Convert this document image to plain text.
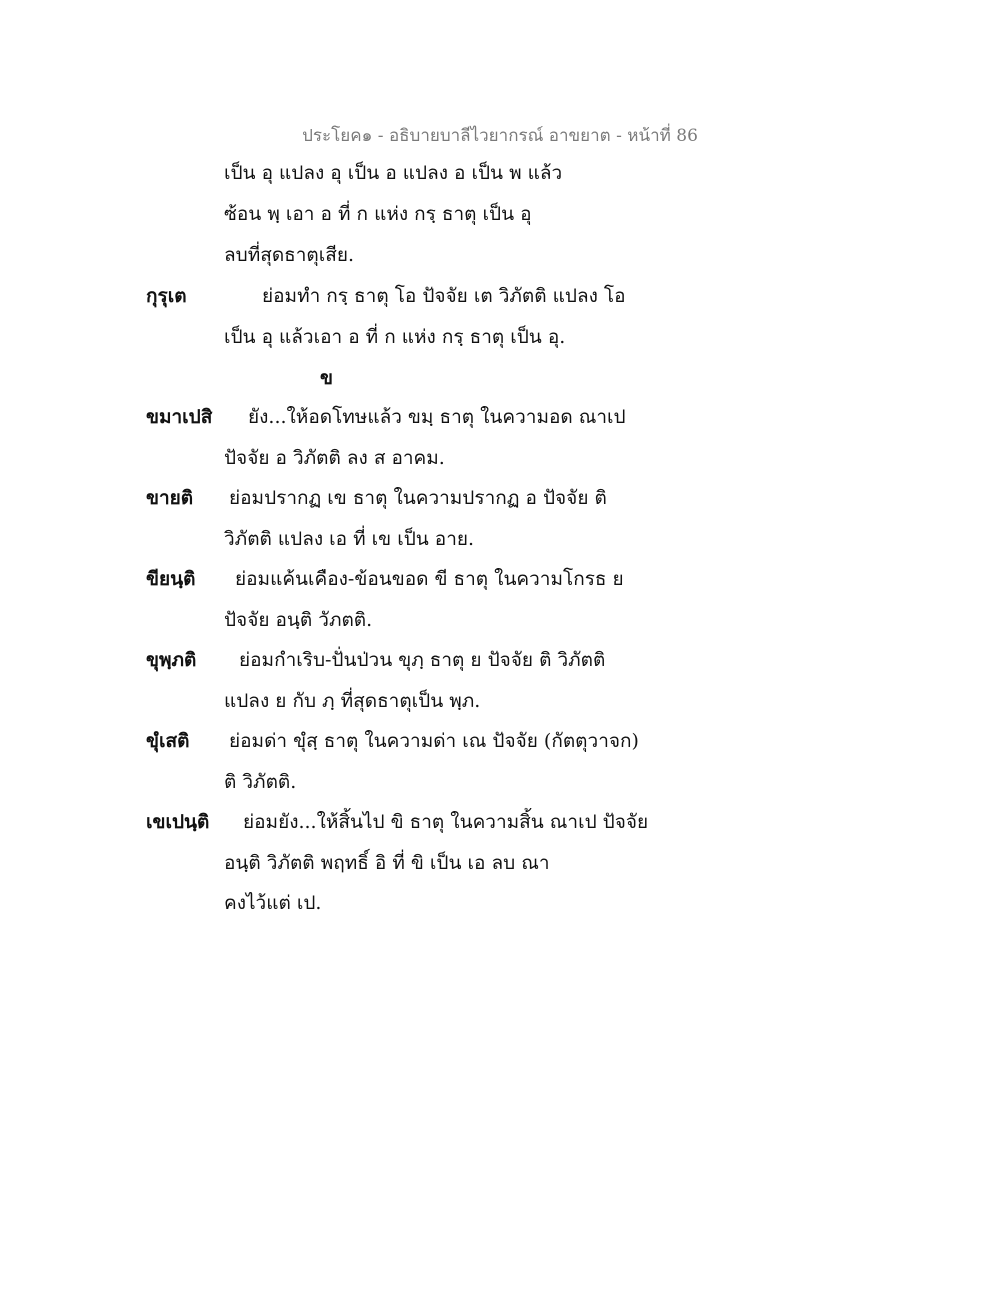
ประโยค๑ - อธิบายบาลีไวยากรณ์ อาขยาต - หน้าที่ 86
เป็น อุ แปลง อุ เป็น อ แปลง อ เป็น พ แล้ว
ซ้อน พฺ เอา อ ที่ ก แห่ง กรฺ ธาตุ เป็น อุ
ลบที่สุดธาตุเสีย.
กุรุเต	ย่อมทำ กรฺ ธาตุ โอ ปัจจัย เต วิภัตติ แปลง โอ
เป็น อุ แล้วเอา อ ที่ ก แห่ง กรฺ ธาตุ เป็น อุ.
ข
ขมาเปสิ ยัง...ให้อดโทษแล้ว ขมฺ ธาตุ ในความอด ณาเป
ปัจจัย อ วิภัตติ ลง ส อาคม.
ขายติ ย่อมปรากฏ เข ธาตุ ในความปรากฏ อ ปัจจัย ติ
วิภัตติ แปลง เอ ที่ เข เป็น อาย.
ขียนฺติ ย่อมแค้นเคือง-ข้อนขอด ขี ธาตุ ในความโกรธ ย
ปัจจัย อนฺติ วัภตติ.
ขุพฺภติ ย่อมกำเริบ-ปั่นป่วน ขุภฺ ธาตุ ย ปัจจัย ติ วิภัตติ
แปลง ย กับ ภฺ ที่สุดธาตุเป็น พฺภ.
ขุํเสติ ย่อมด่า ขุํสฺ ธาตุ ในความด่า เณ ปัจจัย (กัตตุวาจก)
ติ วิภัตติ.
เขเปนฺติ ย่อมยัง...ให้สิ้นไป ขิ ธาตุ ในความสิ้น ณาเป ปัจจัย
อนฺติ วิภัตติ พฤทธิ์ อิ ที่ ขิ เป็น เอ ลบ ณา
คงไว้แต่ เป.
